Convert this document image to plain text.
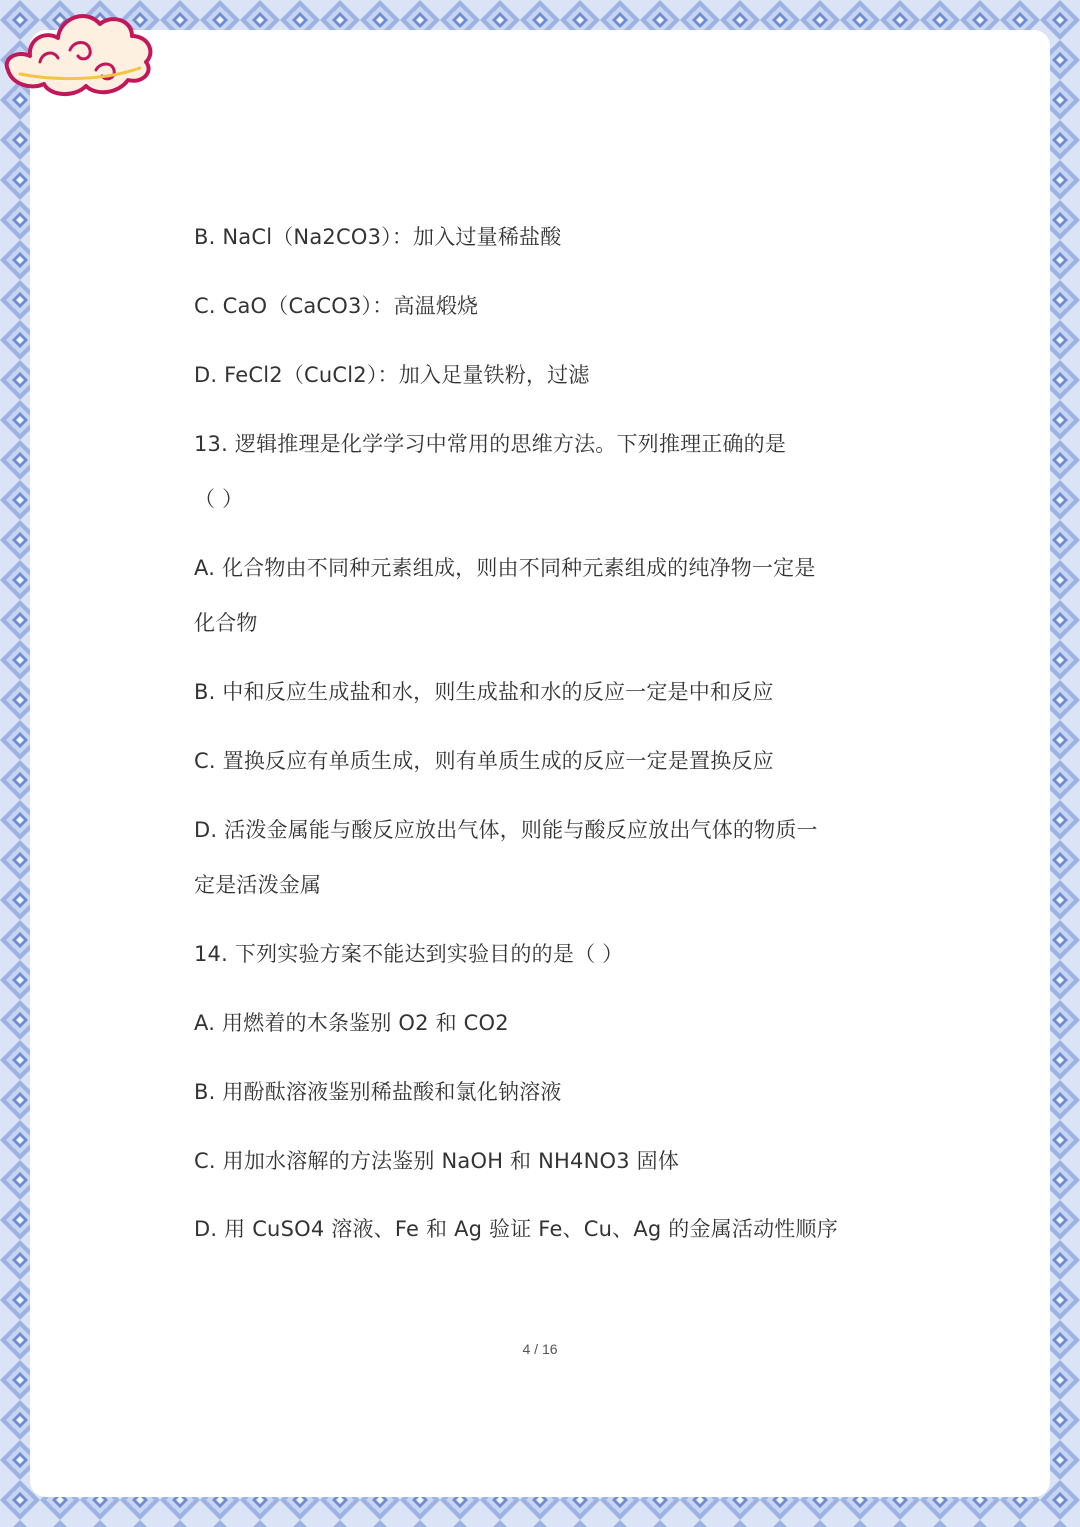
B. NaCl（Na2CO3）：加入过量稀盐酸
C. CaO（CaCO3）：高温煅烧
D. FeCl2（CuCl2）：加入足量铁粉，过滤
13. 逻辑推理是化学学习中常用的思维方法。下列推理正确的是
（ ）
A. 化合物由不同种元素组成，则由不同种元素组成的纯净物一定是
化合物
B. 中和反应生成盐和水，则生成盐和水的反应一定是中和反应
C. 置换反应有单质生成，则有单质生成的反应一定是置换反应
D. 活泼金属能与酸反应放出气体，则能与酸反应放出气体的物质一
定是活泼金属
14. 下列实验方案不能达到实验目的的是（ ）
A. 用燃着的木条鉴别 O2 和 CO2
B. 用酚酞溶液鉴别稀盐酸和氯化钠溶液
C. 用加水溶解的方法鉴别 NaOH 和 NH4NO3 固体
D. 用 CuSO4 溶液、Fe 和 Ag 验证 Fe、Cu、Ag 的金属活动性顺序
4 / 16
